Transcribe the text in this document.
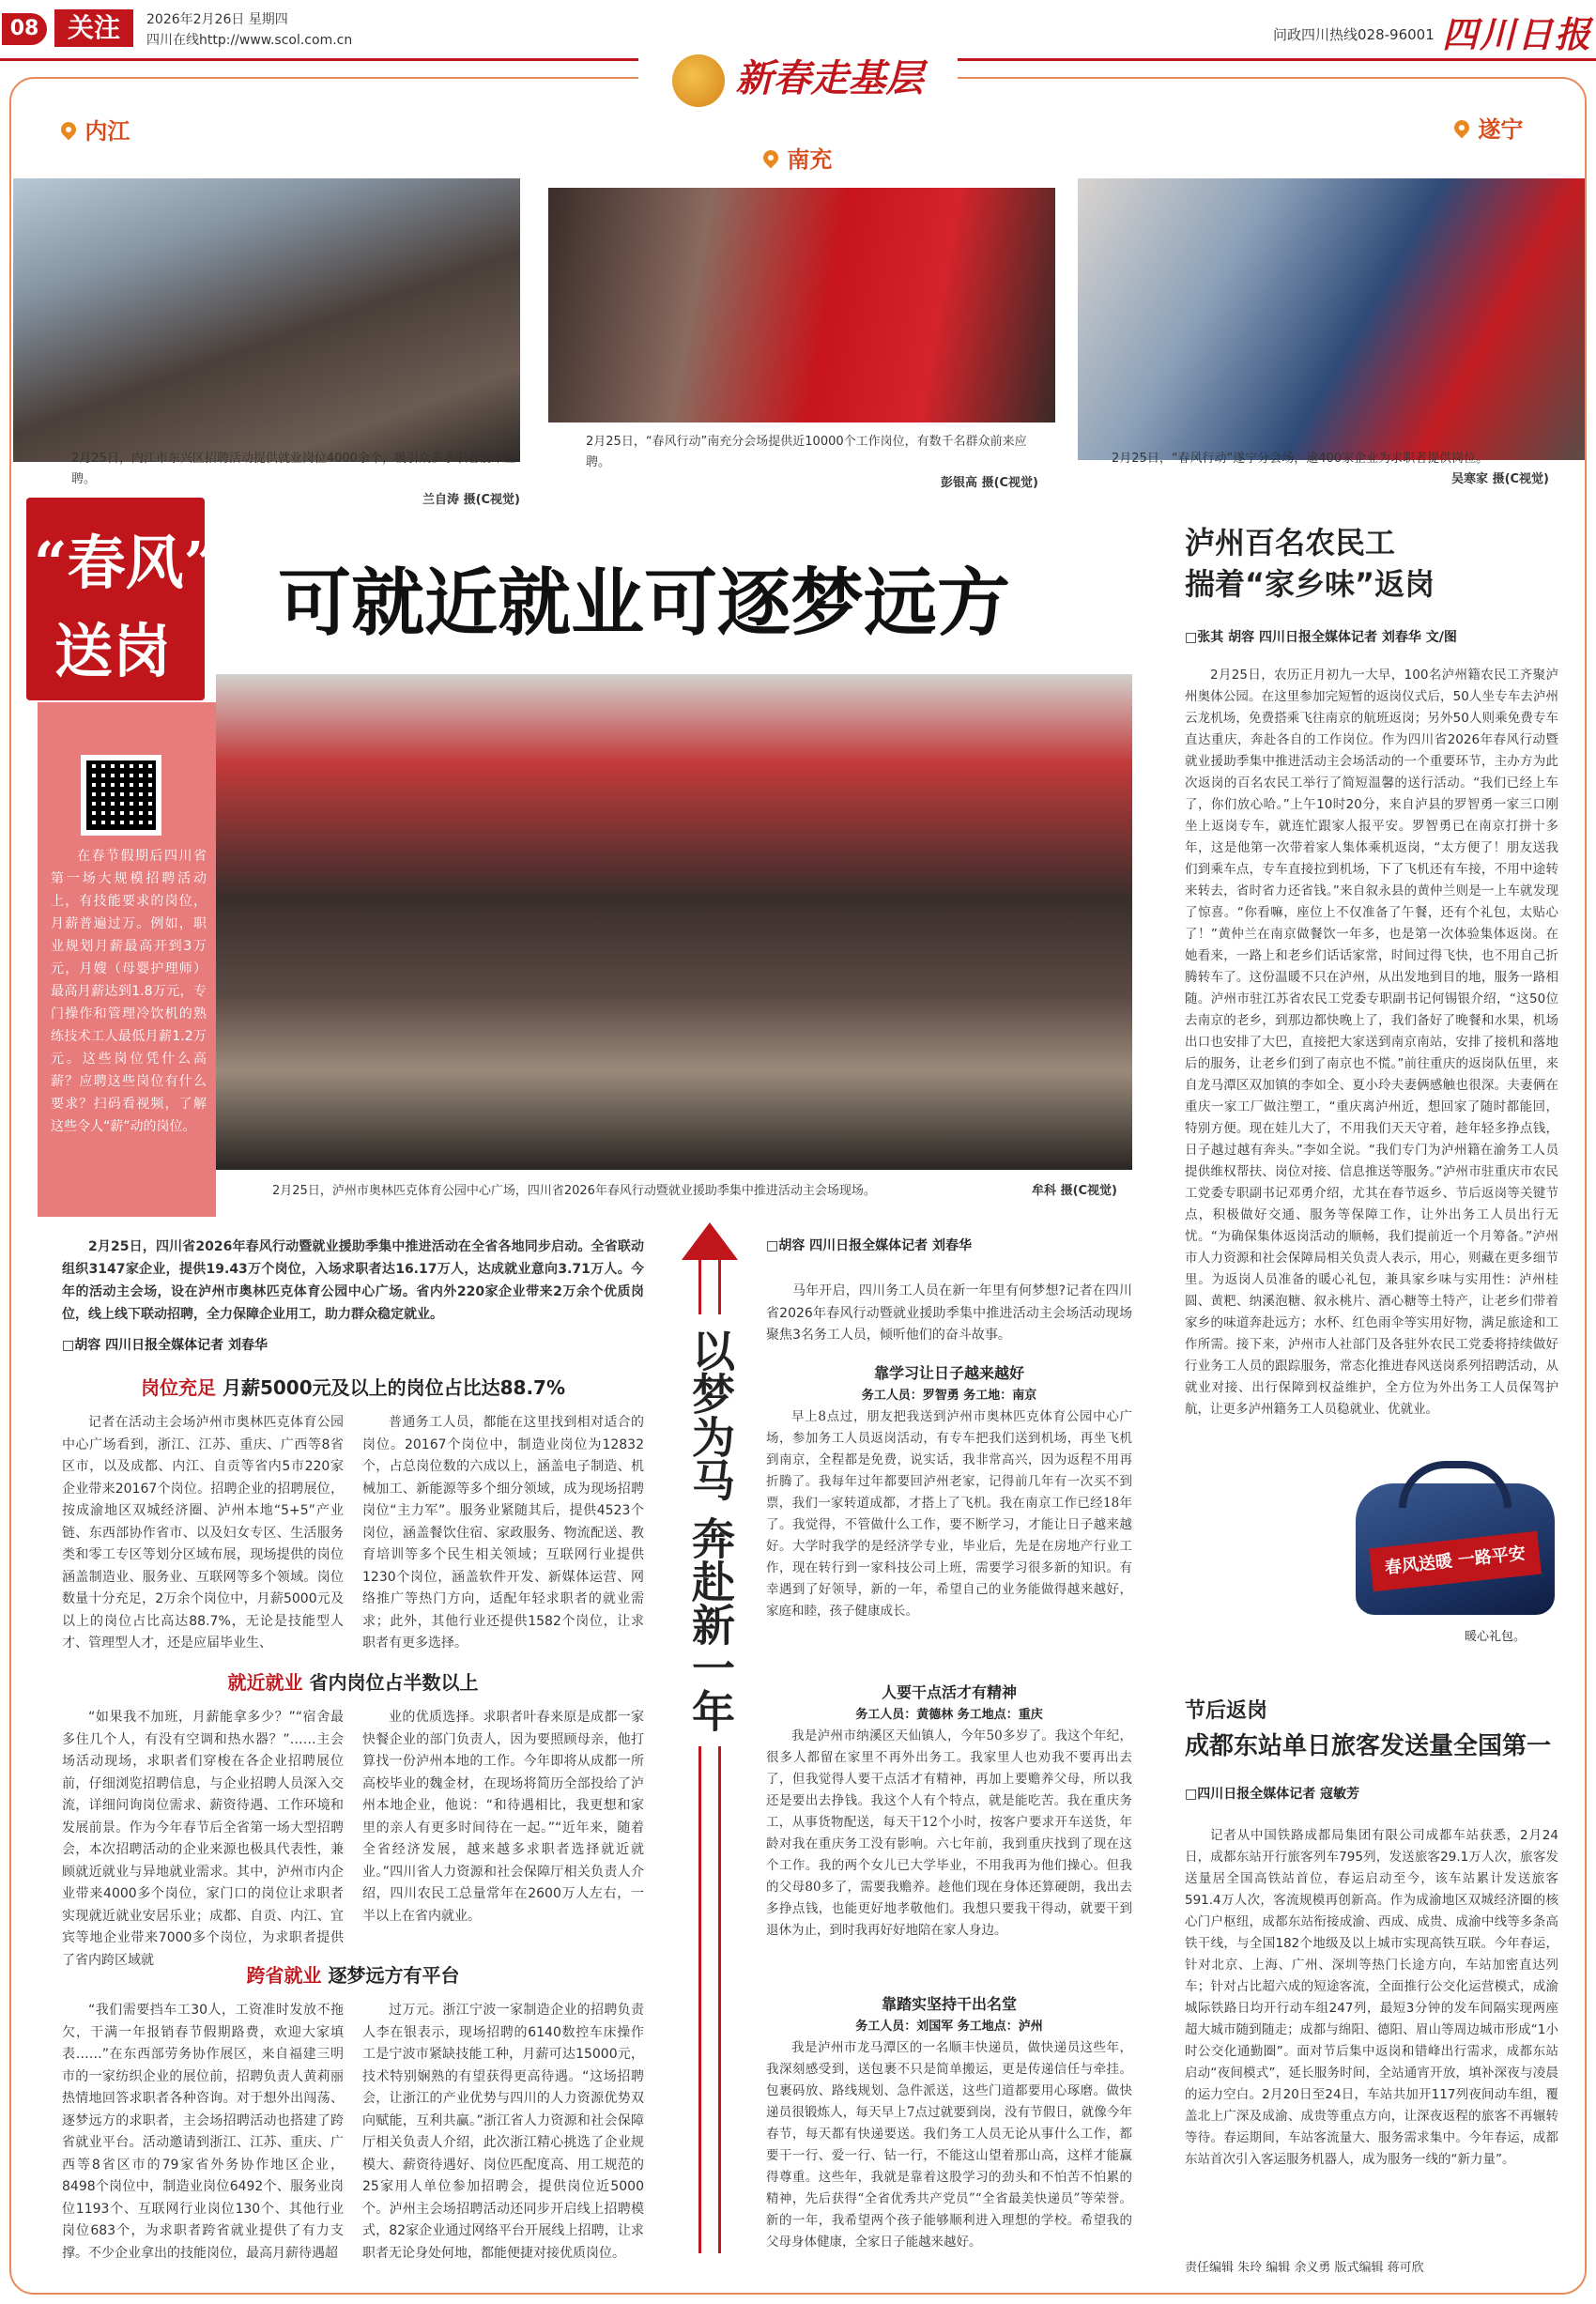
08	关注	2026年2月26日 星期四
四川在线http://www.scol.com.cn	问政四川热线028-96001 四川日报
新春走基层
内江
2月25日，内江市东兴区招聘活动提供就业岗位4000余个，吸引众多求职者前来应聘。
兰自涛 摄(C视觉)
南充
2月25日，“春风行动”南充分会场提供近10000个工作岗位，有数千名群众前来应聘。
彭银高 摄(C视觉)
遂宁
2月25日，“春风行动”遂宁分会场，逾400家企业为求职者提供岗位。
吴寒家 摄(C视觉)
“春风”
送岗
可就近就业可逐梦远方
在春节假期后四川省第一场大规模招聘活动上，有技能要求的岗位，月薪普遍过万。例如，职业规划月薪最高开到3万元，月嫂（母婴护理师）最高月薪达到1.8万元，专门操作和管理冷饮机的熟练技术工人最低月薪1.2万元。这些岗位凭什么高薪？应聘这些岗位有什么要求？扫码看视频，了解这些令人“薪”动的岗位。
2月25日，泸州市奥林匹克体育公园中心广场，四川省2026年春风行动暨就业援助季集中推进活动主会场现场。	牟科 摄(C视觉)
2月25日，四川省2026年春风行动暨就业援助季集中推进活动在全省各地同步启动。全省联动组织3147家企业，提供19.43万个岗位，入场求职者达16.17万人，达成就业意向3.71万人。今年的活动主会场，设在泸州市奥林匹克体育公园中心广场。省内外220家企业带来2万余个优质岗位，线上线下联动招聘，全力保障企业用工，助力群众稳定就业。
□胡容 四川日报全媒体记者 刘春华
岗位充足 月薪5000元及以上的岗位占比达88.7%
记者在活动主会场泸州市奥林匹克体育公园中心广场看到，浙江、江苏、重庆、广西等8省区市，以及成都、内江、自贡等省内5市220家企业带来20167个岗位。招聘企业的招聘展位，按成渝地区双城经济圈、泸州本地“5+5”产业链、东西部协作省市、以及妇女专区、生活服务类和零工专区等划分区域布展，现场提供的岗位涵盖制造业、服务业、互联网等多个领域。岗位数量十分充足，2万余个岗位中，月薪5000元及以上的岗位占比高达88.7%，无论是技能型人才、管理型人才，还是应届毕业生、
普通务工人员，都能在这里找到相对适合的岗位。20167个岗位中，制造业岗位为12832个，占总岗位数的六成以上，涵盖电子制造、机械加工、新能源等多个细分领域，成为现场招聘岗位“主力军”。服务业紧随其后，提供4523个岗位，涵盖餐饮住宿、家政服务、物流配送、教育培训等多个民生相关领域；互联网行业提供1230个岗位，涵盖软件开发、新媒体运营、网络推广等热门方向，适配年轻求职者的就业需求；此外，其他行业还提供1582个岗位，让求职者有更多选择。
就近就业 省内岗位占半数以上
“如果我不加班，月薪能拿多少？”“宿舍最多住几个人，有没有空调和热水器？”……主会场活动现场，求职者们穿梭在各企业招聘展位前，仔细浏览招聘信息，与企业招聘人员深入交流，详细问询岗位需求、薪资待遇、工作环境和发展前景。作为今年春节后全省第一场大型招聘会，本次招聘活动的企业来源也极具代表性，兼顾就近就业与异地就业需求。其中，泸州市内企业带来4000多个岗位，家门口的岗位让求职者实现就近就业安居乐业；成都、自贡、内江、宜宾等地企业带来7000多个岗位，为求职者提供了省内跨区域就
业的优质选择。求职者叶春来原是成都一家快餐企业的部门负责人，因为要照顾母亲，他打算找一份泸州本地的工作。今年即将从成都一所高校毕业的魏金材，在现场将简历全部投给了泸州本地企业，他说：“和待遇相比，我更想和家里的亲人有更多时间待在一起。”“近年来，随着全省经济发展，越来越多求职者选择就近就业。”四川省人力资源和社会保障厅相关负责人介绍，四川农民工总量常年在2600万人左右，一半以上在省内就业。
跨省就业 逐梦远方有平台
“我们需要挡车工30人，工资准时发放不拖欠，干满一年报销春节假期路费，欢迎大家填表……”在东西部劳务协作展区，来自福建三明市的一家纺织企业的展位前，招聘负责人黄莉丽热情地回答求职者各种咨询。对于想外出闯荡、逐梦远方的求职者，主会场招聘活动也搭建了跨省就业平台。活动邀请到浙江、江苏、重庆、广西等8省区市的79家省外务协作地区企业，8498个岗位中，制造业岗位6492个、服务业岗位1193个、互联网行业岗位130个、其他行业岗位683个，为求职者跨省就业提供了有力支撑。不少企业拿出的技能岗位，最高月薪待遇超
过万元。浙江宁波一家制造企业的招聘负责人李在银表示，现场招聘的6140数控车床操作工是宁波市紧缺技能工种，月薪可达15000元，技术特别娴熟的有望获得更高待遇。“这场招聘会，让浙江的产业优势与四川的人力资源优势双向赋能，互利共赢。”浙江省人力资源和社会保障厅相关负责人介绍，此次浙江精心挑选了企业规模大、薪资待遇好、岗位匹配度高、用工规范的25家用人单位参加招聘会，提供岗位近5000个。泸州主会场招聘活动还同步开启线上招聘模式，82家企业通过网络平台开展线上招聘，让求职者无论身处何地，都能便捷对接优质岗位。
以梦为马 奔赴新一年
□胡容 四川日报全媒体记者 刘春华
马年开启，四川务工人员在新一年里有何梦想?记者在四川省2026年春风行动暨就业援助季集中推进活动主会场活动现场聚焦3名务工人员，倾听他们的奋斗故事。
靠学习让日子越来越好
务工人员：罗智勇 务工地：南京
早上8点过，朋友把我送到泸州市奥林匹克体育公园中心广场，参加务工人员返岗活动，有专车把我们送到机场，再坐飞机到南京，全程都是免费，说实话，我非常高兴，因为返程不用再折腾了。我每年过年都要回泸州老家，记得前几年有一次买不到票，我们一家转道成都，才搭上了飞机。我在南京工作已经18年了。我觉得，不管做什么工作，要不断学习，才能让日子越来越好。大学时我学的是经济学专业，毕业后，先是在房地产行业工作，现在转行到一家科技公司上班，需要学习很多新的知识。有幸遇到了好领导，新的一年，希望自己的业务能做得越来越好，家庭和睦，孩子健康成长。
人要干点活才有精神
务工人员：黄德林 务工地点：重庆
我是泸州市纳溪区天仙镇人，今年50多岁了。我这个年纪，很多人都留在家里不再外出务工。我家里人也劝我不要再出去了，但我觉得人要干点活才有精神，再加上要赡养父母，所以我还是要出去挣钱。我这个人有个特点，就是能吃苦。我在重庆务工，从事货物配送，每天干12个小时，按客户要求开车送货，年龄对我在重庆务工没有影响。六七年前，我到重庆找到了现在这个工作。我的两个女儿已大学毕业，不用我再为他们操心。但我的父母80多了，需要我赡养。趁他们现在身体还算硬朗，我出去多挣点钱，也能更好地孝敬他们。我想只要我干得动，就要干到退休为止，到时我再好好地陪在家人身边。
靠踏实坚持干出名堂
务工人员：刘国军 务工地点：泸州
我是泸州市龙马潭区的一名顺丰快递员，做快递员这些年，我深刻感受到，送包裹不只是简单搬运，更是传递信任与牵挂。包裹码放、路线规划、急件派送，这些门道都要用心琢磨。做快递员很锻炼人，每天早上7点过就要到岗，没有节假日，就像今年春节，每天都有快递要送。我们务工人员无论从事什么工作，都要干一行、爱一行、钻一行，不能这山望着那山高，这样才能赢得尊重。这些年，我就是靠着这股学习的劲头和不怕苦不怕累的精神，先后获得“全省优秀共产党员”“全省最美快递员”等荣誉。新的一年，我希望两个孩子能够顺利进入理想的学校。希望我的父母身体健康，全家日子能越来越好。
泸州百名农民工
揣着“家乡味”返岗
□张其 胡容 四川日报全媒体记者 刘春华 文/图
2月25日，农历正月初九一大早，100名泸州籍农民工齐聚泸州奥体公园。在这里参加完短暂的返岗仪式后，50人坐专车去泸州云龙机场，免费搭乘飞往南京的航班返岗；另外50人则乘免费专车直达重庆，奔赴各自的工作岗位。作为四川省2026年春风行动暨就业援助季集中推进活动主会场活动的一个重要环节，主办方为此次返岗的百名农民工举行了简短温馨的送行活动。“我们已经上车了，你们放心哈。”上午10时20分，来自泸县的罗智勇一家三口刚坐上返岗专车，就连忙跟家人报平安。罗智勇已在南京打拼十多年，这是他第一次带着家人集体乘机返岗，“太方便了！朋友送我们到乘车点，专车直接拉到机场，下了飞机还有车接，不用中途转来转去，省时省力还省钱。”来自叙永县的黄仲兰则是一上车就发现了惊喜。“你看嘛，座位上不仅准备了午餐，还有个礼包，太贴心了！”黄仲兰在南京做餐饮一年多，也是第一次体验集体返岗。在她看来，一路上和老乡们话话家常，时间过得飞快，也不用自己折腾转车了。这份温暖不只在泸州，从出发地到目的地，服务一路相随。泸州市驻江苏省农民工党委专职副书记何锡银介绍，“这50位去南京的老乡，到那边都快晚上了，我们备好了晚餐和水果，机场出口也安排了大巴，直接把大家送到南京南站，安排了接机和落地后的服务，让老乡们到了南京也不慌。”前往重庆的返岗队伍里，来自龙马潭区双加镇的李如全、夏小玲夫妻俩感触也很深。夫妻俩在重庆一家工厂做注塑工，“重庆离泸州近，想回家了随时都能回，特别方便。现在娃儿大了，不用我们天天守着，趁年轻多挣点钱，日子越过越有奔头。”李如全说。“我们专门为泸州籍在渝务工人员提供维权帮扶、岗位对接、信息推送等服务。”泸州市驻重庆市农民工党委专职副书记邓勇介绍，尤其在春节返乡、节后返岗等关键节点，积极做好交通、服务等保障工作，让外出务工人员出行无忧。“为确保集体返岗活动的顺畅，我们提前近一个月筹备。”泸州市人力资源和社会保障局相关负责人表示，用心，则藏在更多细节里。为返岗人员准备的暖心礼包，兼具家乡味与实用性：泸州桂圆、黄粑、纳溪泡糖、叙永桃片、酒心糖等土特产，让老乡们带着家乡的味道奔赴远方；水杯、红色雨伞等实用好物，满足旅途和工作所需。接下来，泸州市人社部门及各驻外农民工党委将持续做好行业务工人员的跟踪服务，常态化推进春风送岗系列招聘活动，从就业对接、出行保障到权益维护，全方位为外出务工人员保驾护航，让更多泸州籍务工人员稳就业、优就业。
春风送暖 一路平安
暖心礼包。
节后返岗
成都东站单日旅客发送量全国第一
□四川日报全媒体记者 寇敏芳
记者从中国铁路成都局集团有限公司成都车站获悉，2月24日，成都东站开行旅客列车795列，发送旅客29.1万人次，旅客发送量居全国高铁站首位，春运启动至今，该车站累计发送旅客591.4万人次，客流规模再创新高。作为成渝地区双城经济圈的核心门户枢纽，成都东站衔接成渝、西成、成贵、成渝中线等多条高铁干线，与全国182个地级及以上城市实现高铁互联。今年春运，针对北京、上海、广州、深圳等热门长途方向，车站加密直达列车；针对占比超六成的短途客流，全面推行公交化运营模式，成渝城际铁路日均开行动车组247列，最短3分钟的发车间隔实现两座超大城市随到随走；成都与绵阳、德阳、眉山等周边城市形成“1小时公交化通勤圈”。面对节后集中返岗和错峰出行需求，成都东站启动“夜间模式”，延长服务时间，全站通宵开放，填补深夜与凌晨的运力空白。2月20日至24日，车站共加开117列夜间动车组，覆盖北上广深及成渝、成贵等重点方向，让深夜返程的旅客不再辗转等待。春运期间，车站客流量大、服务需求集中。今年春运，成都东站首次引入客运服务机器人，成为服务一线的“新力量”。
责任编辑 朱玲 编辑 余义勇 版式编辑 蒋可欣
